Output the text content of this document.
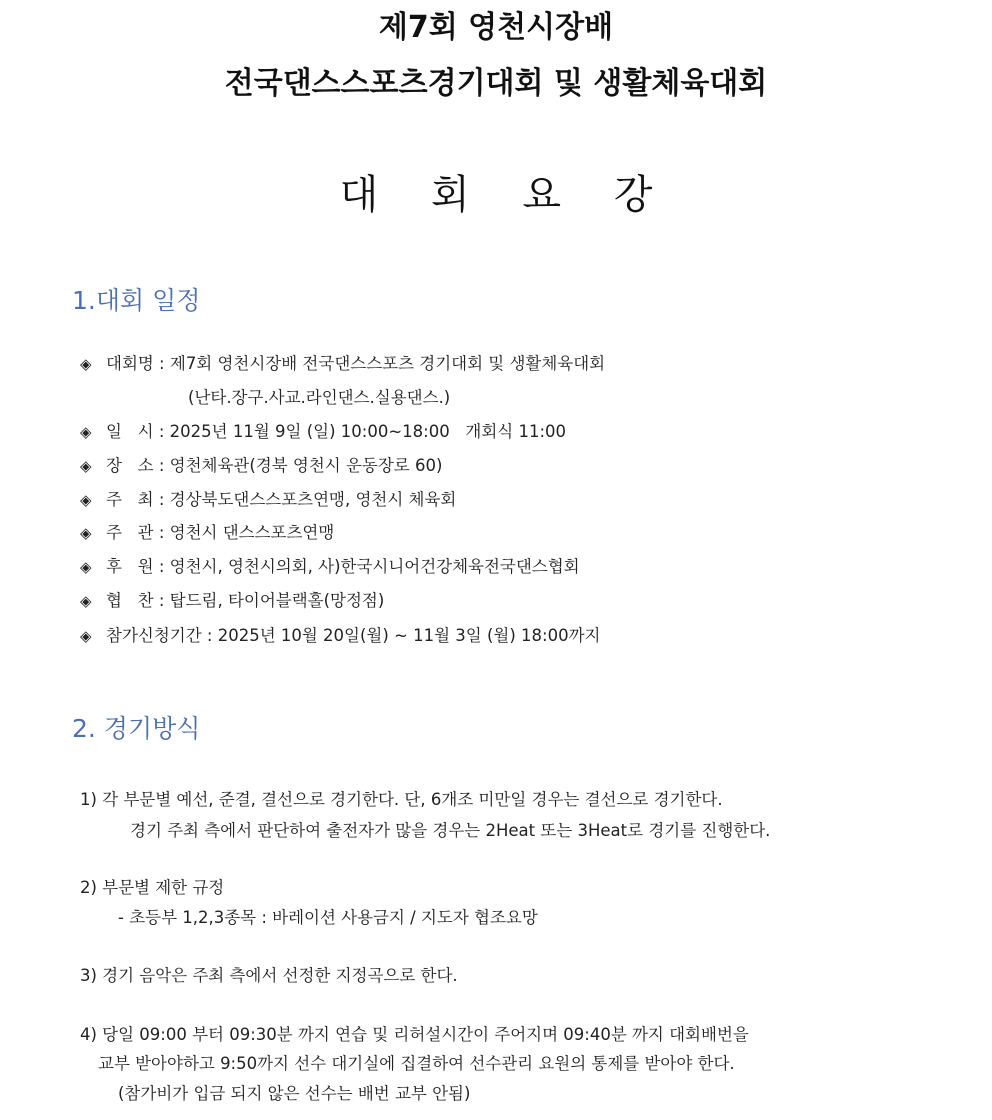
제7회 영천시장배
전국댄스스포츠경기대회 및 생활체육대회
대 회 요 강
1.대회 일정
◈ 대회명 : 제7회 영천시장배 전국댄스스포츠 경기대회 및 생활체육대회
(난타.장구.사교.라인댄스.실용댄스.)
◈ 일   시 : 2025년 11월 9일 (일) 10:00~18:00   개회식 11:00
◈ 장   소 : 영천체육관(경북 영천시 운동장로 60)
◈ 주   최 : 경상북도댄스스포츠연맹, 영천시 체육회
◈ 주   관 : 영천시 댄스스포츠연맹
◈ 후   원 : 영천시, 영천시의회, 사)한국시니어건강체육전국댄스협회
◈ 협   찬 : 탑드림, 타이어블랙홀(망정점)
◈ 참가신청기간 : 2025년 10월 20일(월) ~ 11월 3일 (월) 18:00까지
2. 경기방식
1) 각 부문별 예선, 준결, 결선으로 경기한다. 단, 6개조 미만일 경우는 결선으로 경기한다.
경기 주최 측에서 판단하여 출전자가 많을 경우는 2Heat 또는 3Heat로 경기를 진행한다.
2) 부문별 제한 규정
- 초등부 1,2,3종목 : 바레이션 사용금지 / 지도자 협조요망
3) 경기 음악은 주최 측에서 선정한 지정곡으로 한다.
4) 당일 09:00 부터 09:30분 까지 연습 및 리허설시간이 주어지며 09:40분 까지 대회배번을
교부 받아야하고 9:50까지 선수 대기실에 집결하여 선수관리 요원의 통제를 받아야 한다.
(참가비가 입금 되지 않은 선수는 배번 교부 안됨)
